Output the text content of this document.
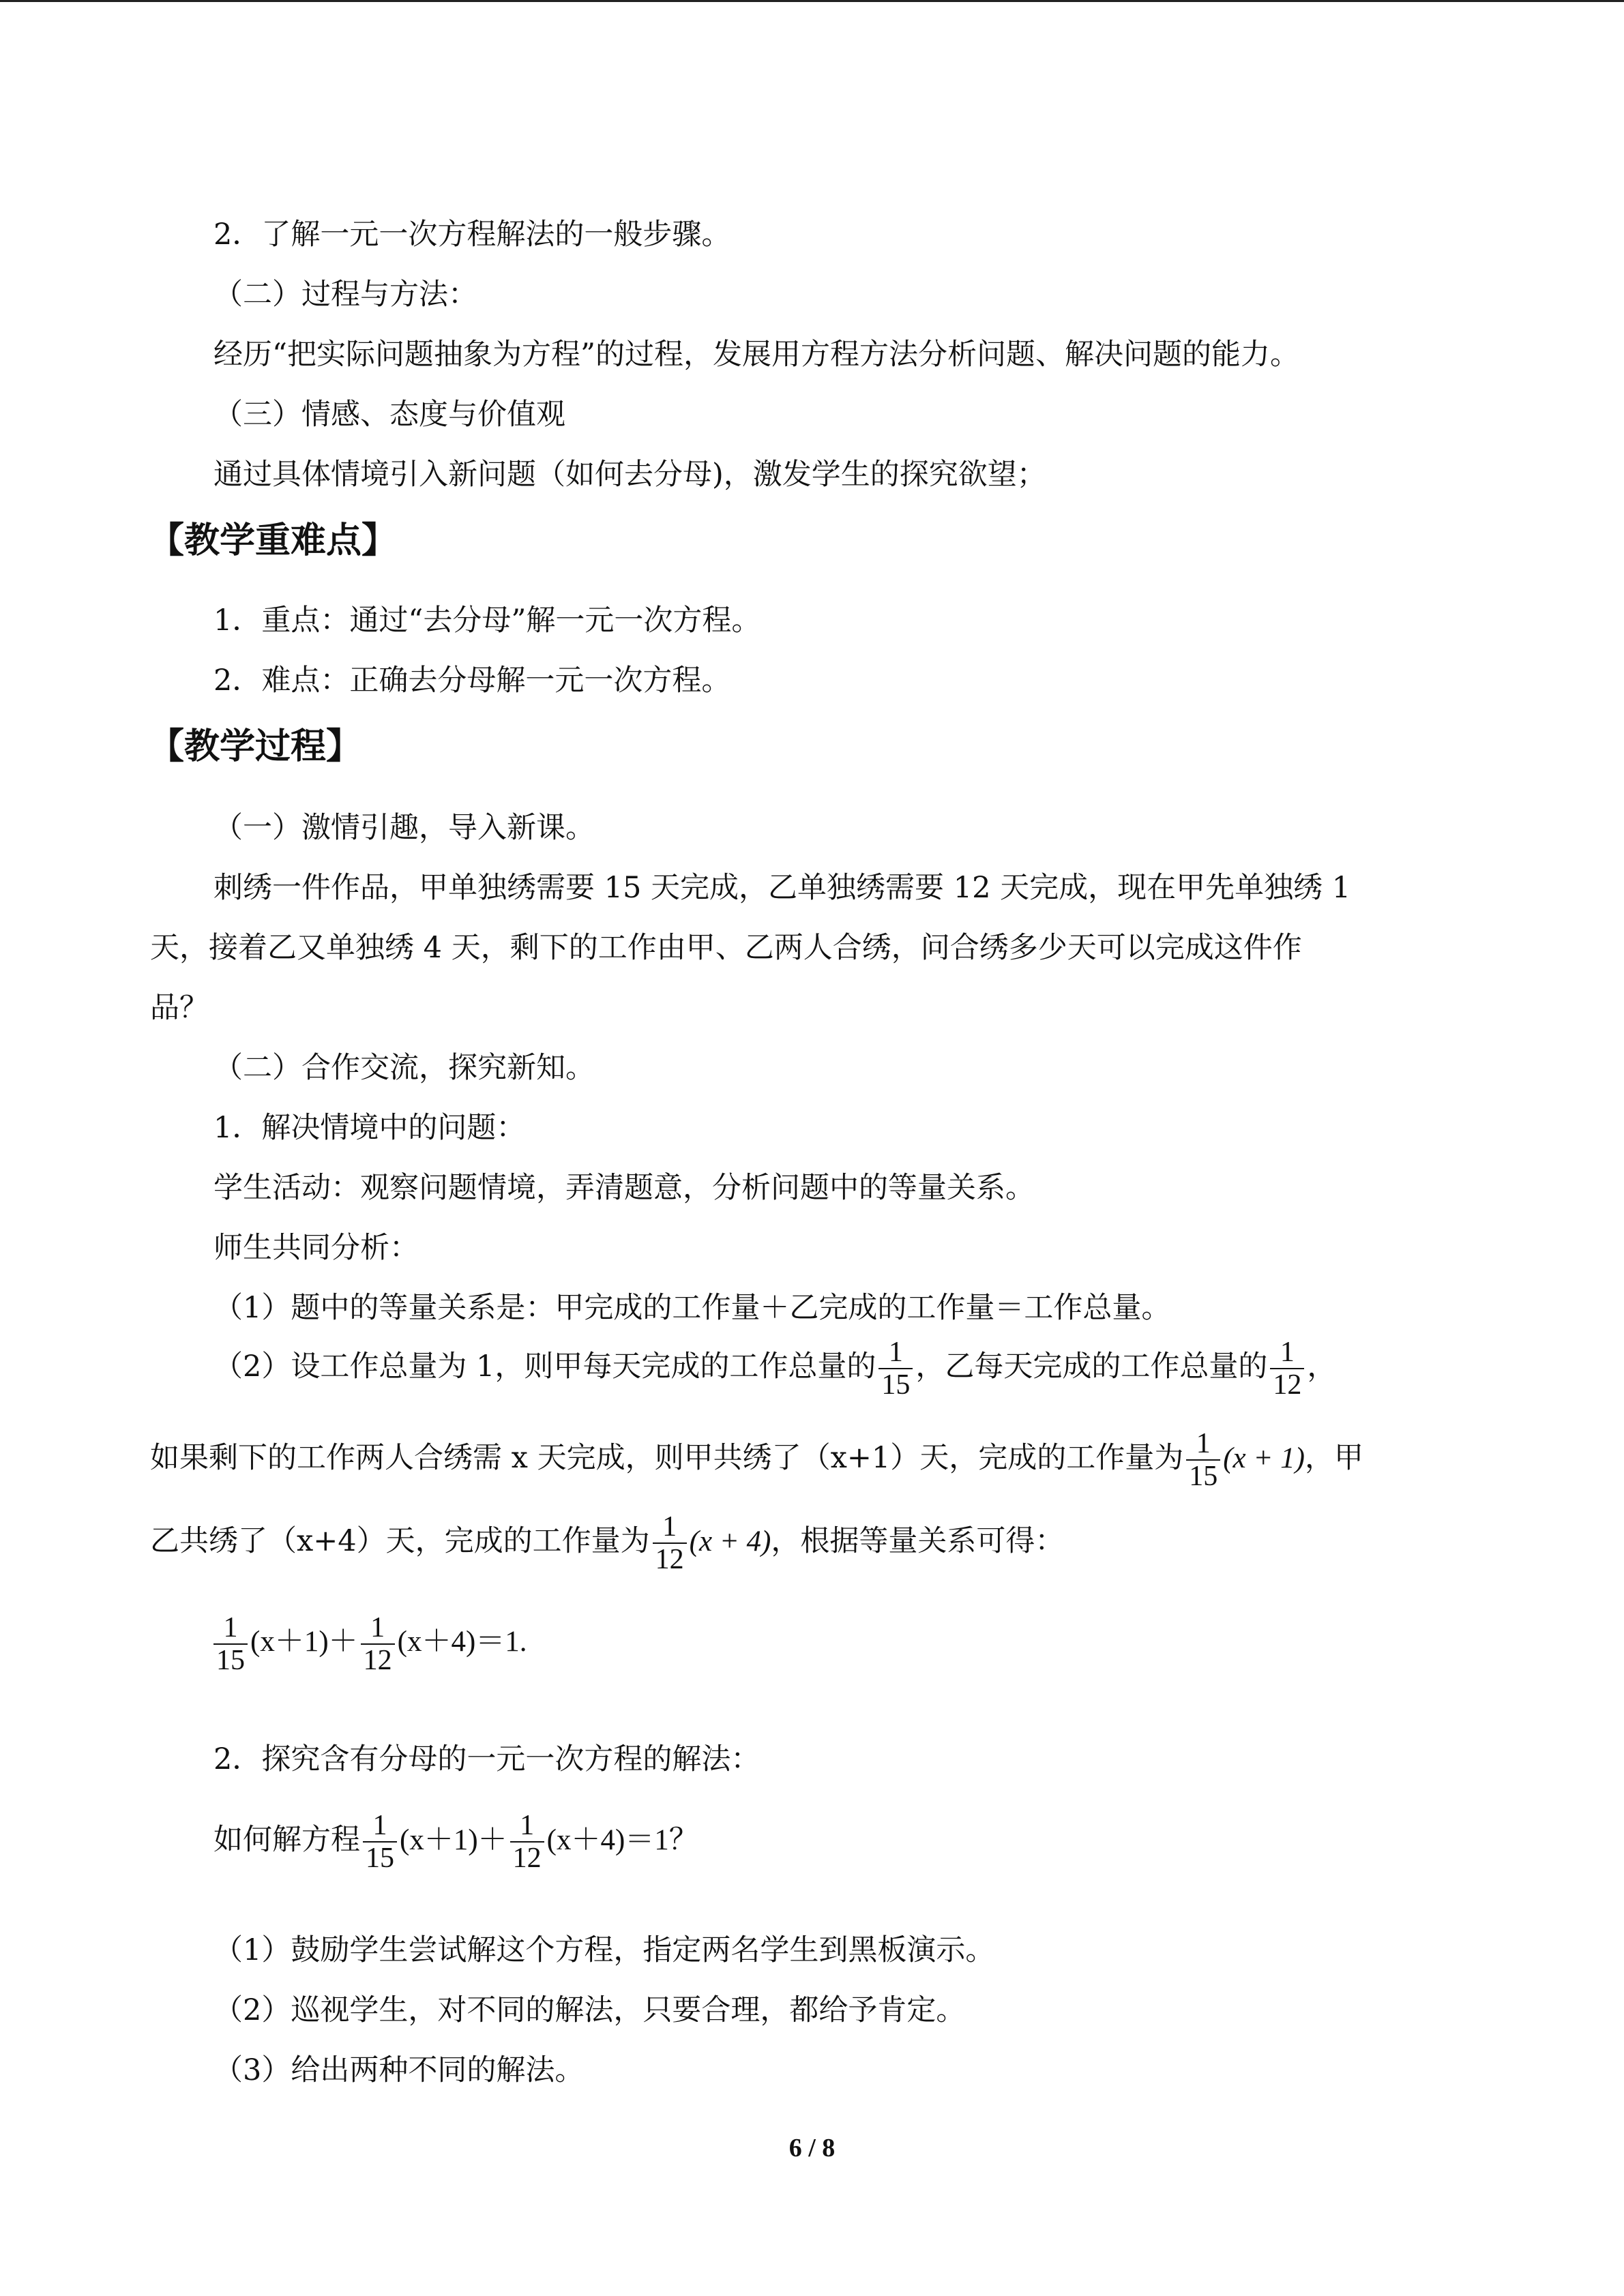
2．了解一元一次方程解法的一般步骤。
（二）过程与方法：
经历“把实际问题抽象为方程”的过程，发展用方程方法分析问题、解决问题的能力。
（三）情感、态度与价值观
通过具体情境引入新问题（如何去分母)，激发学生的探究欲望；
【教学重难点】
1．重点：通过“去分母”解一元一次方程。
2．难点：正确去分母解一元一次方程。
【教学过程】
（一）激情引趣，导入新课。
刺绣一件作品，甲单独绣需要 15 天完成，乙单独绣需要 12 天完成，现在甲先单独绣 1
天，接着乙又单独绣 4 天，剩下的工作由甲、乙两人合绣，问合绣多少天可以完成这件作
品？
（二）合作交流，探究新知。
1．解决情境中的问题：
学生活动：观察问题情境，弄清题意，分析问题中的等量关系。
师生共同分析：
（1）题中的等量关系是：甲完成的工作量＋乙完成的工作量＝工作总量。
（2）设工作总量为 1，则甲每天完成的工作总量的 $\frac{1}{15}$ ，乙每天完成的工作总量的 $\frac{1}{12}$ ，
如果剩下的工作两人合绣需 x 天完成，则甲共绣了（x+1）天，完成的工作量为 $\frac{1}{15} (x + 1)$，甲
乙共绣了（x+4）天，完成的工作量为 $\frac{1}{12} (x + 4)$，根据等量关系可得：
$\frac{1}{15} (x+1)+ \frac{1}{12} (x+4)=1$.
2．探究含有分母的一元一次方程的解法：
如何解方程 $\frac{1}{15} (x+1)+ \frac{1}{12} (x+4)=1$？
（1）鼓励学生尝试解这个方程，指定两名学生到黑板演示。
（2）巡视学生，对不同的解法，只要合理，都给予肯定。
（3）给出两种不同的解法。
6 / 8
